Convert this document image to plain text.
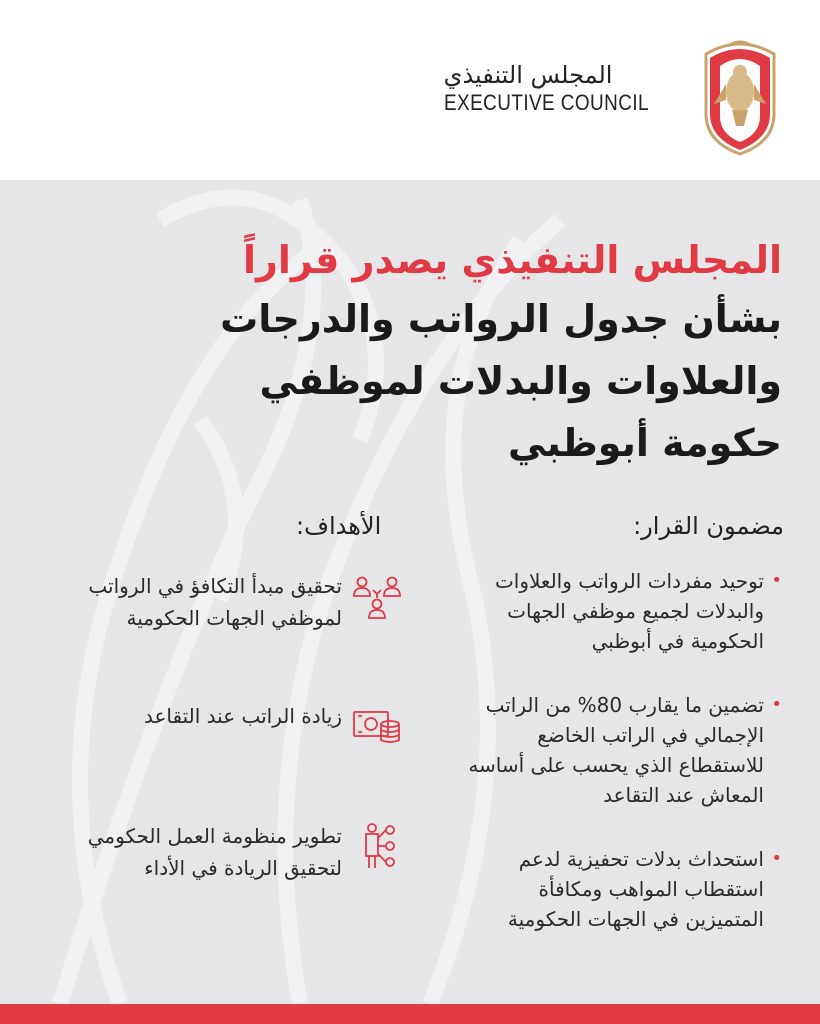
المجلس التنفيذي
EXECUTIVE COUNCIL
المجلس التنفيذي يصدر قراراً
بشأن جدول الرواتب والدرجات
والعلاوات والبدلات لموظفي
حكومة أبوظبي
مضمون القرار:
الأهداف:
•
توحيد مفردات الرواتب والعلاوات والبدلات لجميع موظفي الجهات الحكومية في أبوظبي
•
تضمين ما يقارب 80% من الراتب الإجمالي في الراتب الخاضع للاستقطاع الذي يحسب على أساسه المعاش عند التقاعد
•
استحداث بدلات تحفيزية لدعم استقطاب المواهب ومكافأة المتميزين في الجهات الحكومية
تحقيق مبدأ التكافؤ في الرواتب لموظفي الجهات الحكومية
زيادة الراتب عند التقاعد
تطوير منظومة العمل الحكومي لتحقيق الريادة في الأداء
